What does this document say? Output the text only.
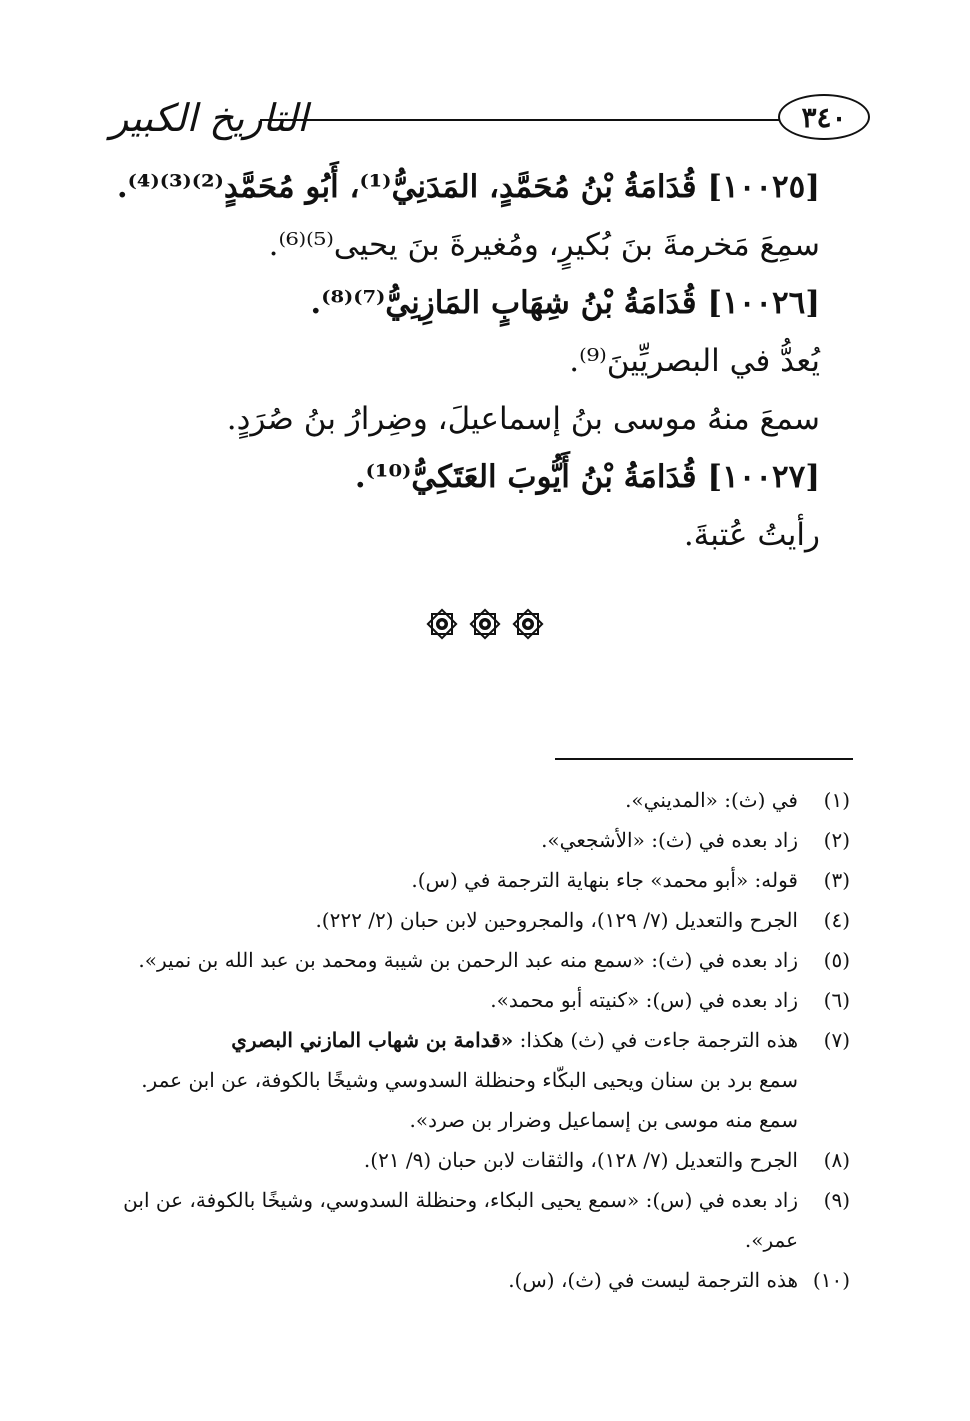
التاريخ الكبير	٣٤٠
[١٠٠٢٥] قُدَامَةُ بْنُ مُحَمَّدٍ، المَدَنِيُّ⁽¹⁾، أَبُو مُحَمَّدٍ⁽²⁾⁽³⁾⁽⁴⁾.
سمِعَ مَخرمةَ بنَ بُكيرٍ، ومُغيرةَ بنَ يحيى⁽⁵⁾⁽⁶⁾.
[١٠٠٢٦] قُدَامَةُ بْنُ شِهَابٍ المَازِنِيُّ⁽⁷⁾⁽⁸⁾.
يُعدُّ في البصريِّينَ⁽⁹⁾.
سمعَ منهُ موسى بنُ إسماعيلَ، وضِرارُ بنُ صُرَدٍ.
[١٠٠٢٧] قُدَامَةُ بْنُ أَيُّوبَ العَتَكِيُّ⁽¹⁰⁾.
رأيتُ عُتبةَ.
(١)
في (ث): «المديني».
(٢)
زاد بعده في (ث): «الأشجعي».
(٣)
قوله: «أبو محمد» جاء بنهاية الترجمة في (س).
(٤)
الجرح والتعديل (٧/ ١٢٩)، والمجروحين لابن حبان (٢/ ٢٢٢).
(٥)
زاد بعده في (ث): «سمع منه عبد الرحمن بن شيبة ومحمد بن عبد الله بن نمير».
(٦)
زاد بعده في (س): «كنيته أبو محمد».
(٧)
هذه الترجمة جاءت في (ث) هكذا: «قدامة بن شهاب المازني البصري
سمع برد بن سنان ويحيى البكّاء وحنظلة السدوسي وشيخًا بالكوفة، عن ابن عمر.
سمع منه موسى بن إسماعيل وضرار بن صرد».
(٨)
الجرح والتعديل (٧/ ١٢٨)، والثقات لابن حبان (٩/ ٢١).
(٩)
زاد بعده في (س): «سمع يحيى البكاء، وحنظلة السدوسي، وشيخًا بالكوفة، عن ابن عمر».
(١٠)
هذه الترجمة ليست في (ث)، (س).
